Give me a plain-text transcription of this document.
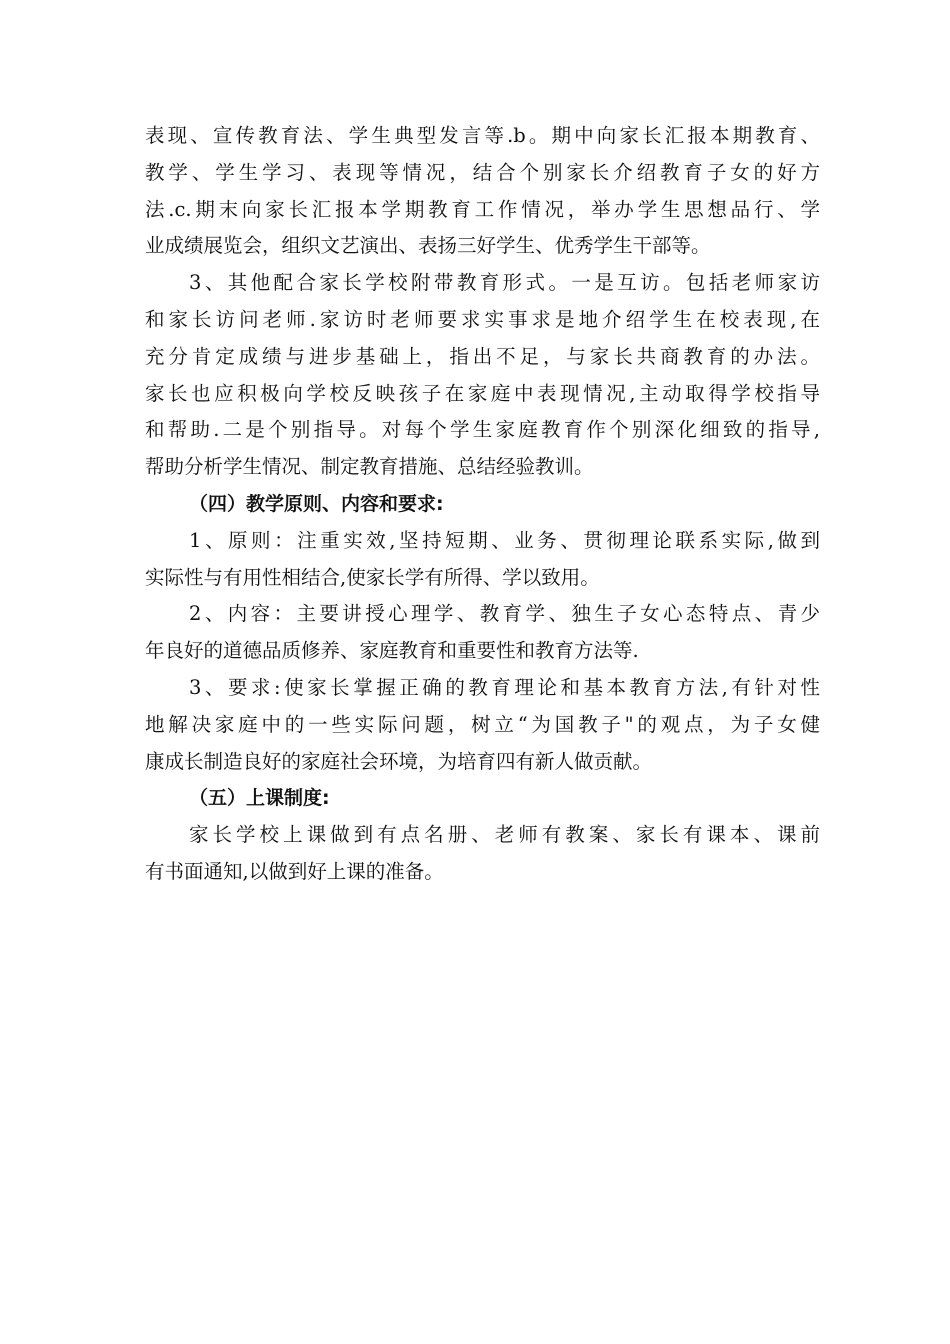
表现、宣传教育法、学生典型发言等.b。期中向家长汇报本期教育、
教学、学生学习、表现等情况，结合个别家长介绍教育子女的好方
法.c.期末向家长汇报本学期教育工作情况，举办学生思想品行、学
业成绩展览会，组织文艺演出、表扬三好学生、优秀学生干部等。
3、其他配合家长学校附带教育形式。一是互访。包括老师家访
和家长访问老师.家访时老师要求实事求是地介绍学生在校表现,在
充分肯定成绩与进步基础上，指出不足，与家长共商教育的办法。
家长也应积极向学校反映孩子在家庭中表现情况,主动取得学校指导
和帮助.二是个别指导。对每个学生家庭教育作个别深化细致的指导,
帮助分析学生情况、制定教育措施、总结经验教训。
（四）教学原则、内容和要求:
1、原则：注重实效,坚持短期、业务、贯彻理论联系实际,做到
实际性与有用性相结合,使家长学有所得、学以致用。
2、内容：主要讲授心理学、教育学、独生子女心态特点、青少
年良好的道德品质修养、家庭教育和重要性和教育方法等.
3、要求:使家长掌握正确的教育理论和基本教育方法,有针对性
地解决家庭中的一些实际问题，树立“为国教子"的观点，为子女健
康成长制造良好的家庭社会环境，为培育四有新人做贡献。
（五）上课制度:
家长学校上课做到有点名册、老师有教案、家长有课本、课前
有书面通知,以做到好上课的准备。
